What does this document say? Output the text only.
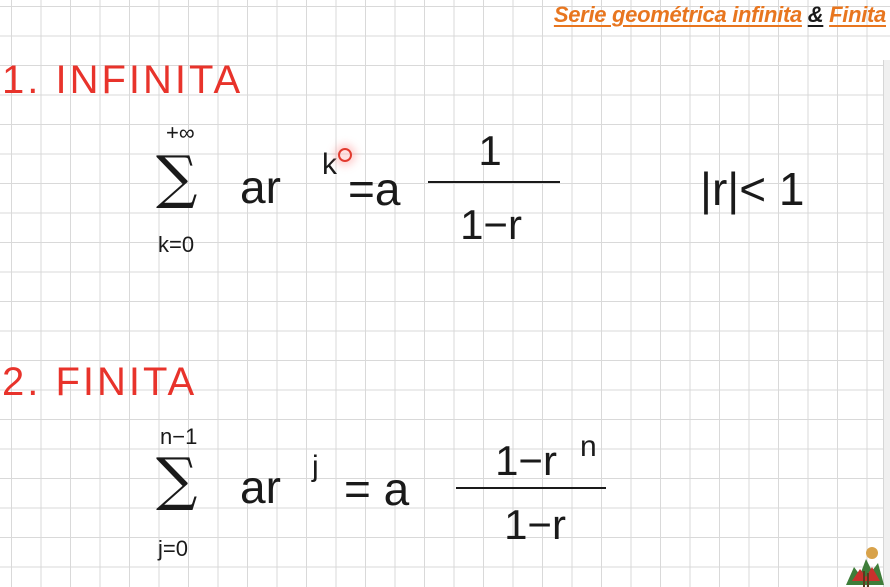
Serie geométrica infinita & Finita
1. INFINITA
+∞
∑
k=0
ar k =a
1
1−r
|r|< 1
2. FINITA
n−1
∑
j=0
ar j = a
1−r n
1−r
